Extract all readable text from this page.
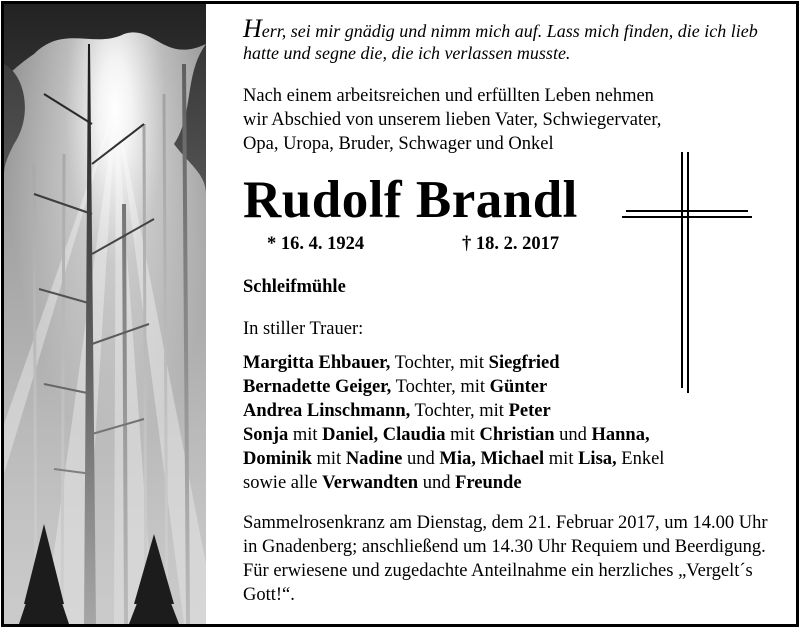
Herr, sei mir gnädig und nimm mich auf. Lass mich finden, die ich lieb hatte und segne die, die ich verlassen musste.
Nach einem arbeitsreichen und erfüllten Leben nehmen wir Abschied von unserem lieben Vater, Schwiegervater, Opa, Uropa, Bruder, Schwager und Onkel
Rudolf Brandl
* 16. 4. 1924	† 18. 2. 2017
Schleifmühle
In stiller Trauer:
Margitta Ehbauer, Tochter, mit Siegfried
Bernadette Geiger, Tochter, mit Günter
Andrea Linschmann, Tochter, mit Peter
Sonja mit Daniel, Claudia mit Christian und Hanna,
Dominik mit Nadine und Mia, Michael mit Lisa, Enkel
sowie alle Verwandten und Freunde
Sammelrosenkranz am Dienstag, dem 21. Februar 2017, um 14.00 Uhr in Gnadenberg; anschließend um 14.30 Uhr Requiem und Beerdigung. Für erwiesene und zugedachte Anteilnahme ein herzliches „Vergelt´s Gott!“.
